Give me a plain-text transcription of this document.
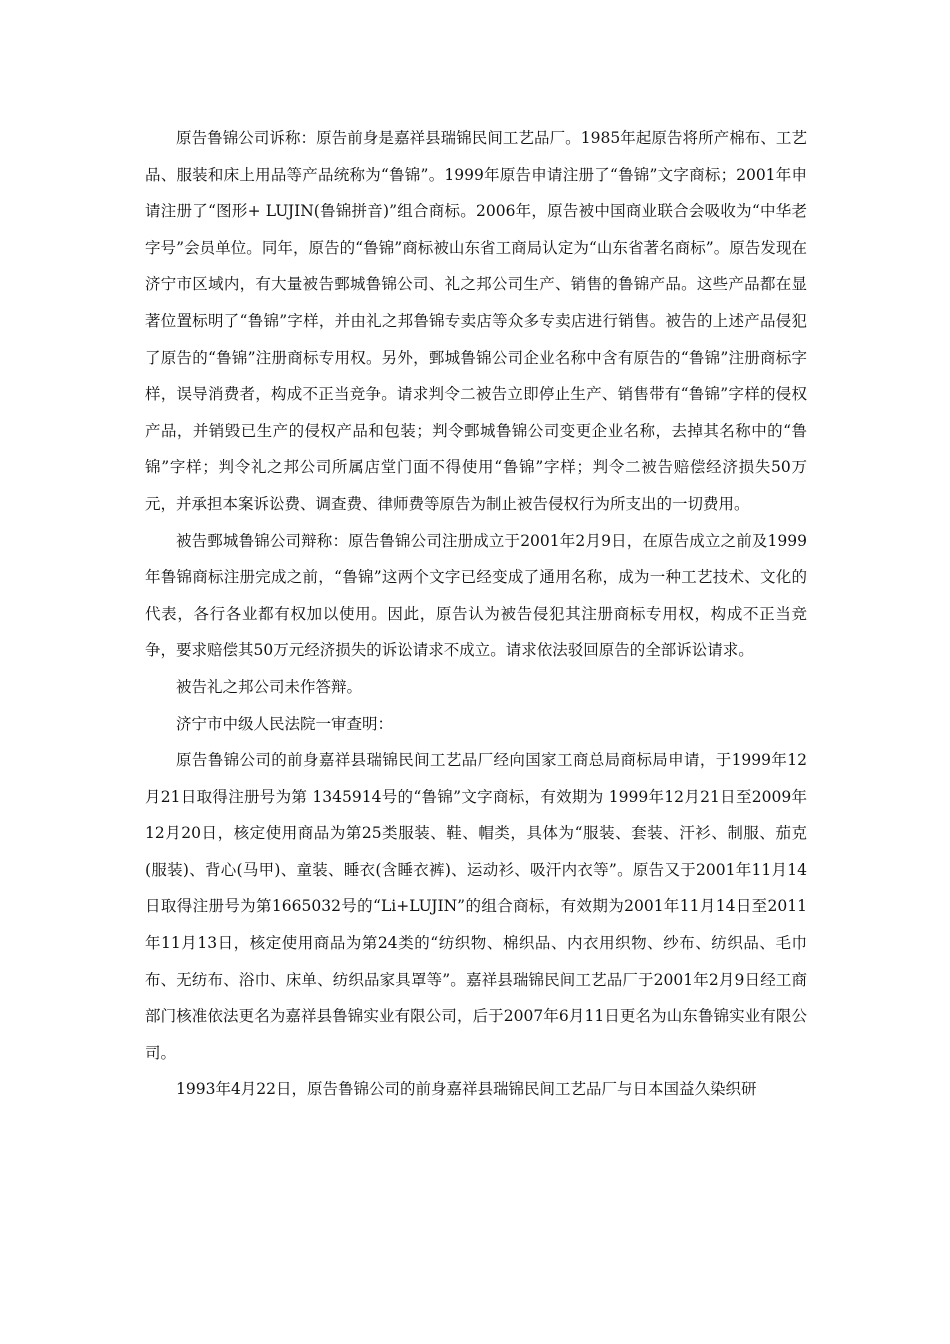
原告鲁锦公司诉称：原告前身是嘉祥县瑞锦民间工艺品厂。1985年起原告将所产棉布、工艺品、服装和床上用品等产品统称为“鲁锦”。1999年原告申请注册了“鲁锦”文字商标；2001年申请注册了“图形+ LUJIN(鲁锦拼音)”组合商标。2006年，原告被中国商业联合会吸收为“中华老字号”会员单位。同年，原告的“鲁锦”商标被山东省工商局认定为“山东省著名商标”。原告发现在济宁市区域内，有大量被告鄄城鲁锦公司、礼之邦公司生产、销售的鲁锦产品。这些产品都在显著位置标明了“鲁锦”字样，并由礼之邦鲁锦专卖店等众多专卖店进行销售。被告的上述产品侵犯了原告的“鲁锦”注册商标专用权。另外，鄄城鲁锦公司企业名称中含有原告的“鲁锦”注册商标字样，误导消费者，构成不正当竞争。请求判令二被告立即停止生产、销售带有“鲁锦”字样的侵权产品，并销毁已生产的侵权产品和包装；判令鄄城鲁锦公司变更企业名称，去掉其名称中的“鲁锦”字样；判令礼之邦公司所属店堂门面不得使用“鲁锦”字样；判令二被告赔偿经济损失50万元，并承担本案诉讼费、调查费、律师费等原告为制止被告侵权行为所支出的一切费用。

被告鄄城鲁锦公司辩称：原告鲁锦公司注册成立于2001年2月9日，在原告成立之前及1999年鲁锦商标注册完成之前，“鲁锦”这两个文字已经变成了通用名称，成为一种工艺技术、文化的代表，各行各业都有权加以使用。因此，原告认为被告侵犯其注册商标专用权，构成不正当竞争，要求赔偿其50万元经济损失的诉讼请求不成立。请求依法驳回原告的全部诉讼请求。

被告礼之邦公司未作答辩。

济宁市中级人民法院一审查明：

原告鲁锦公司的前身嘉祥县瑞锦民间工艺品厂经向国家工商总局商标局申请，于1999年12月21日取得注册号为第 1345914号的“鲁锦”文字商标，有效期为 1999年12月21日至2009年12月20日，核定使用商品为第25类服装、鞋、帽类，具体为“服装、套装、汗衫、制服、茄克 (服装)、背心(马甲)、童装、睡衣(含睡衣裤)、运动衫、吸汗内衣等”。原告又于2001年11月14日取得注册号为第1665032号的“Li+LUJIN”的组合商标，有效期为2001年11月14日至2011年11月13日，核定使用商品为第24类的“纺织物、棉织品、内衣用织物、纱布、纺织品、毛巾布、无纺布、浴巾、床单、纺织品家具罩等”。嘉祥县瑞锦民间工艺品厂于2001年2月9日经工商部门核准依法更名为嘉祥县鲁锦实业有限公司，后于2007年6月11日更名为山东鲁锦实业有限公司。

1993年4月22日，原告鲁锦公司的前身嘉祥县瑞锦民间工艺品厂与日本国益久染织研
